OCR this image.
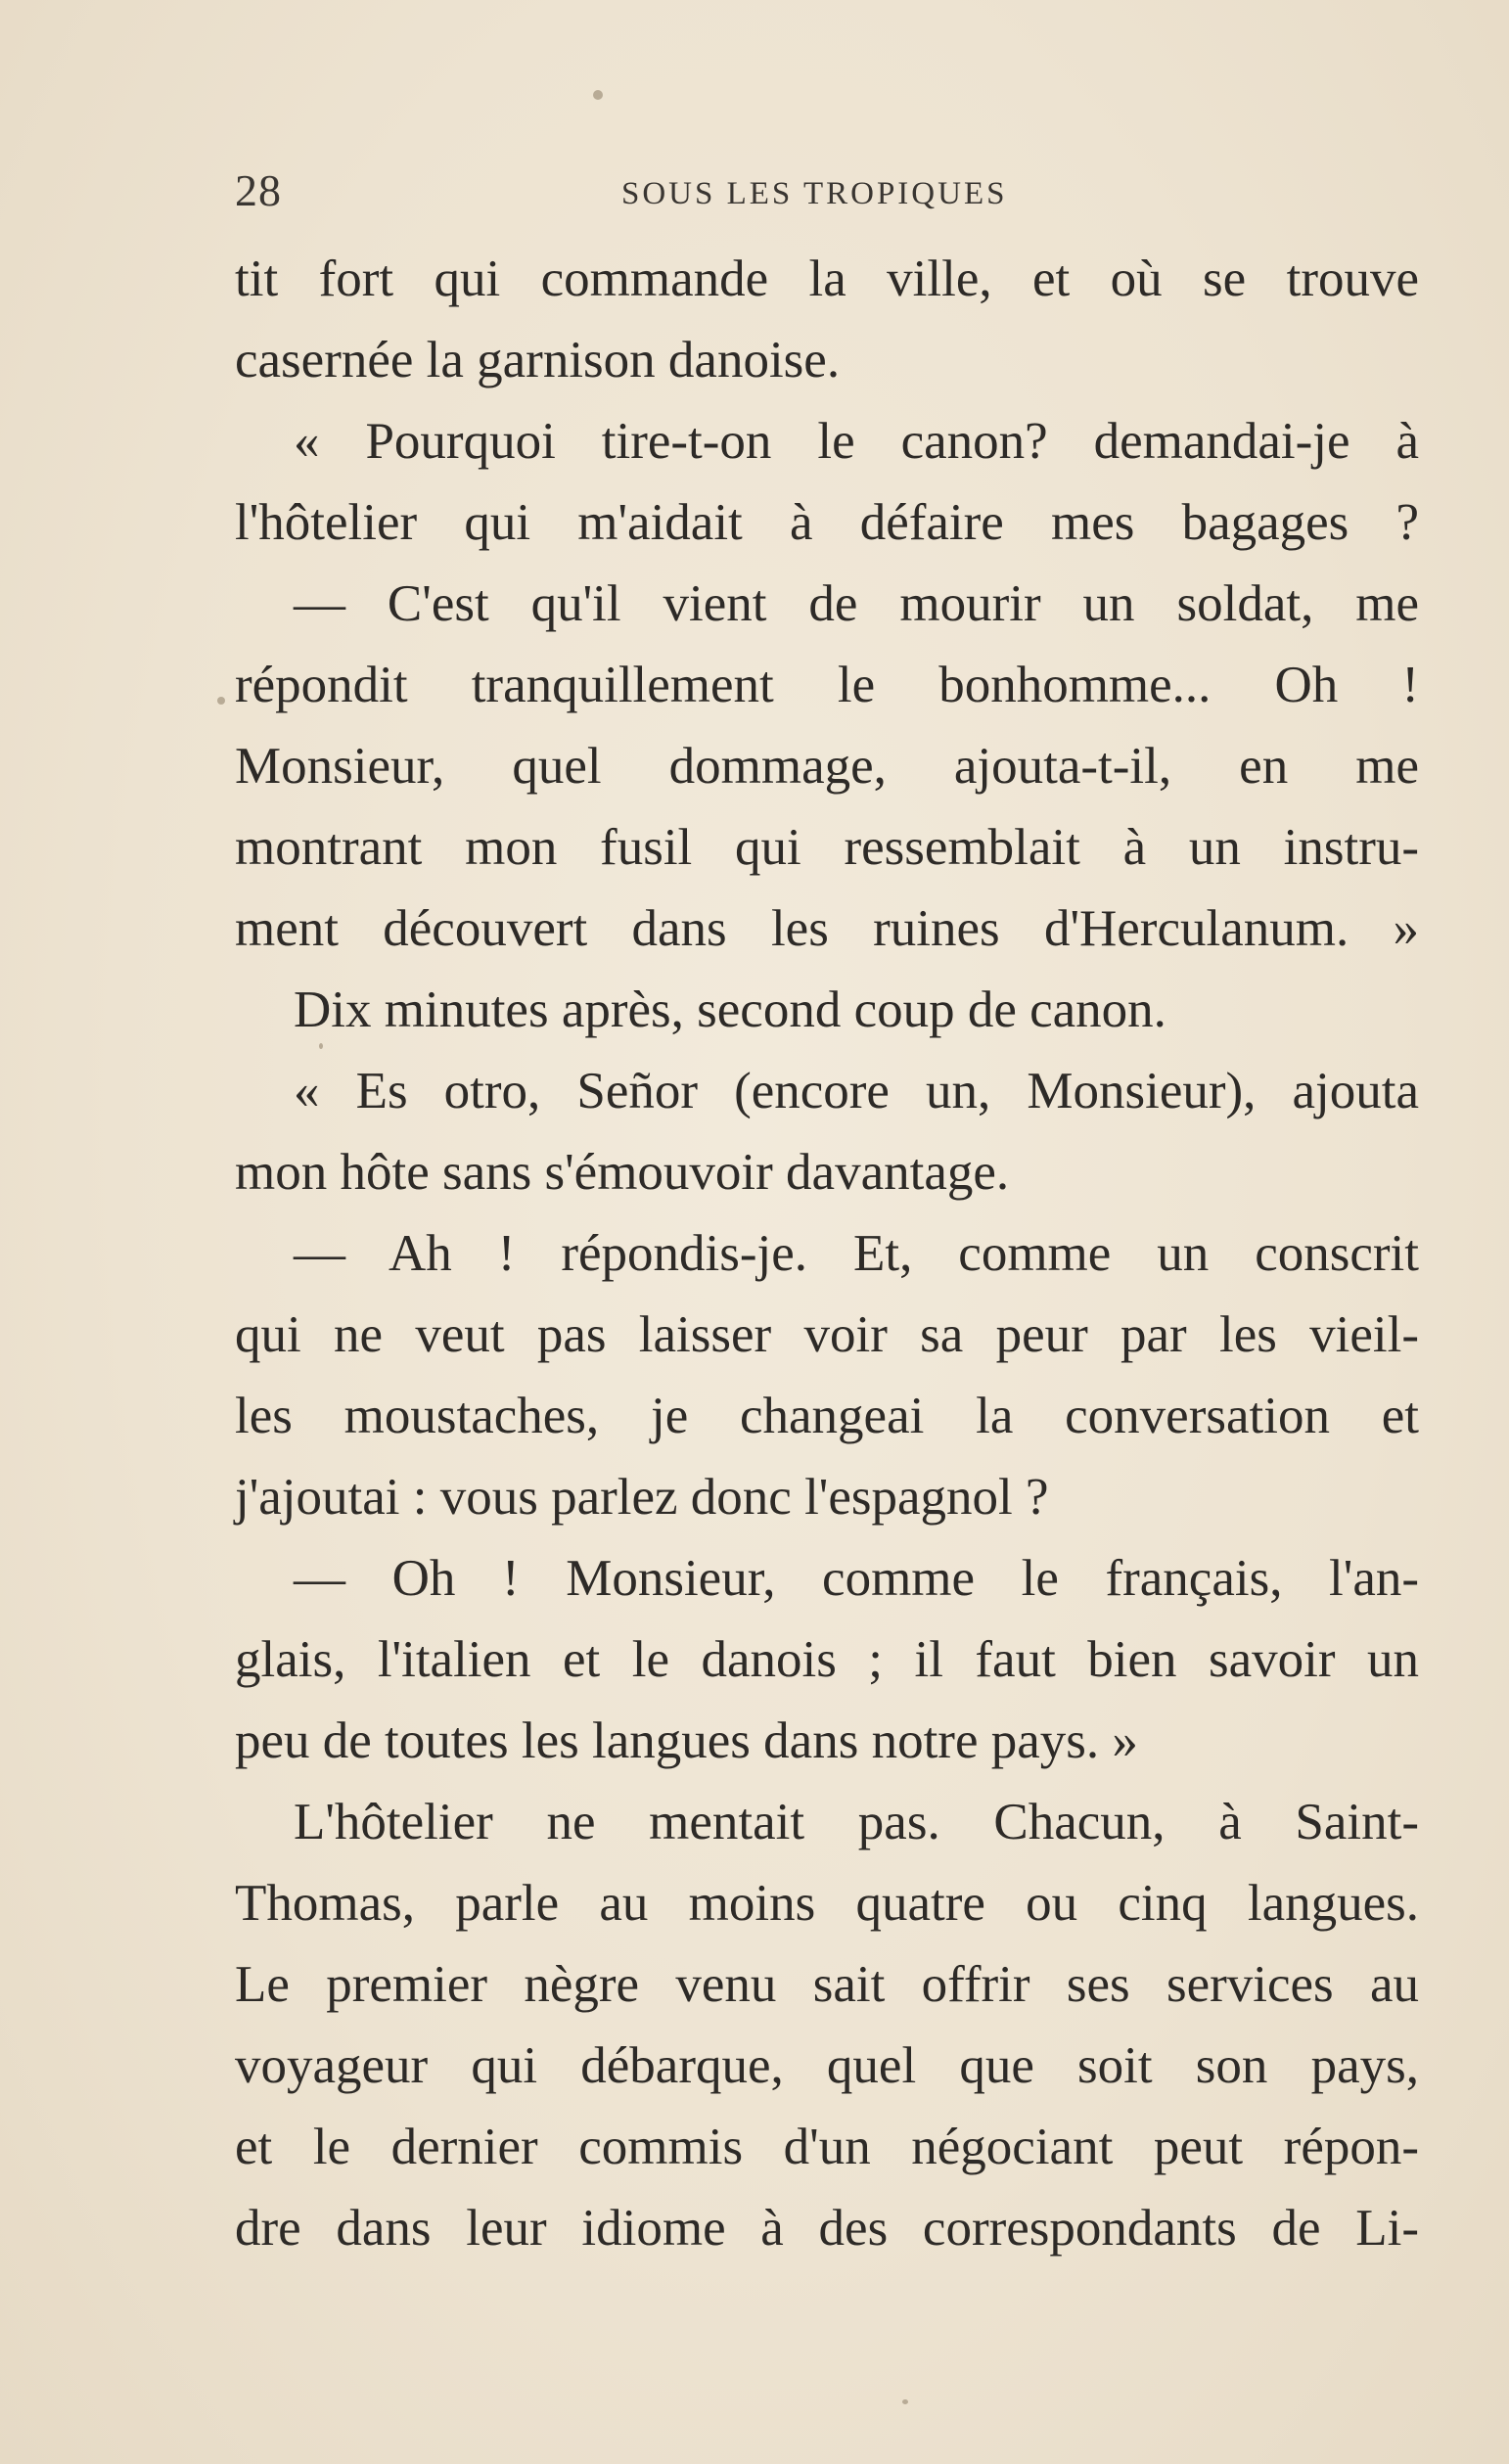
28	SOUS LES TROPIQUES
tit fort qui commande la ville, et où se trouve
casernée la garnison danoise.
« Pourquoi tire-t-on le canon? demandai-je à
l'hôtelier qui m'aidait à défaire mes bagages ?
— C'est qu'il vient de mourir un soldat, me
répondit tranquillement le bonhomme... Oh !
Monsieur, quel dommage, ajouta-t-il, en me
montrant mon fusil qui ressemblait à un instru-
ment découvert dans les ruines d'Herculanum. »
Dix minutes après, second coup de canon.
« Es otro, Señor (encore un, Monsieur), ajouta
mon hôte sans s'émouvoir davantage.
— Ah ! répondis-je. Et, comme un conscrit
qui ne veut pas laisser voir sa peur par les vieil-
les moustaches, je changeai la conversation et
j'ajoutai : vous parlez donc l'espagnol ?
— Oh ! Monsieur, comme le français, l'an-
glais, l'italien et le danois ; il faut bien savoir un
peu de toutes les langues dans notre pays. »
L'hôtelier ne mentait pas. Chacun, à Saint-
Thomas, parle au moins quatre ou cinq langues.
Le premier nègre venu sait offrir ses services au
voyageur qui débarque, quel que soit son pays,
et le dernier commis d'un négociant peut répon-
dre dans leur idiome à des correspondants de Li-
